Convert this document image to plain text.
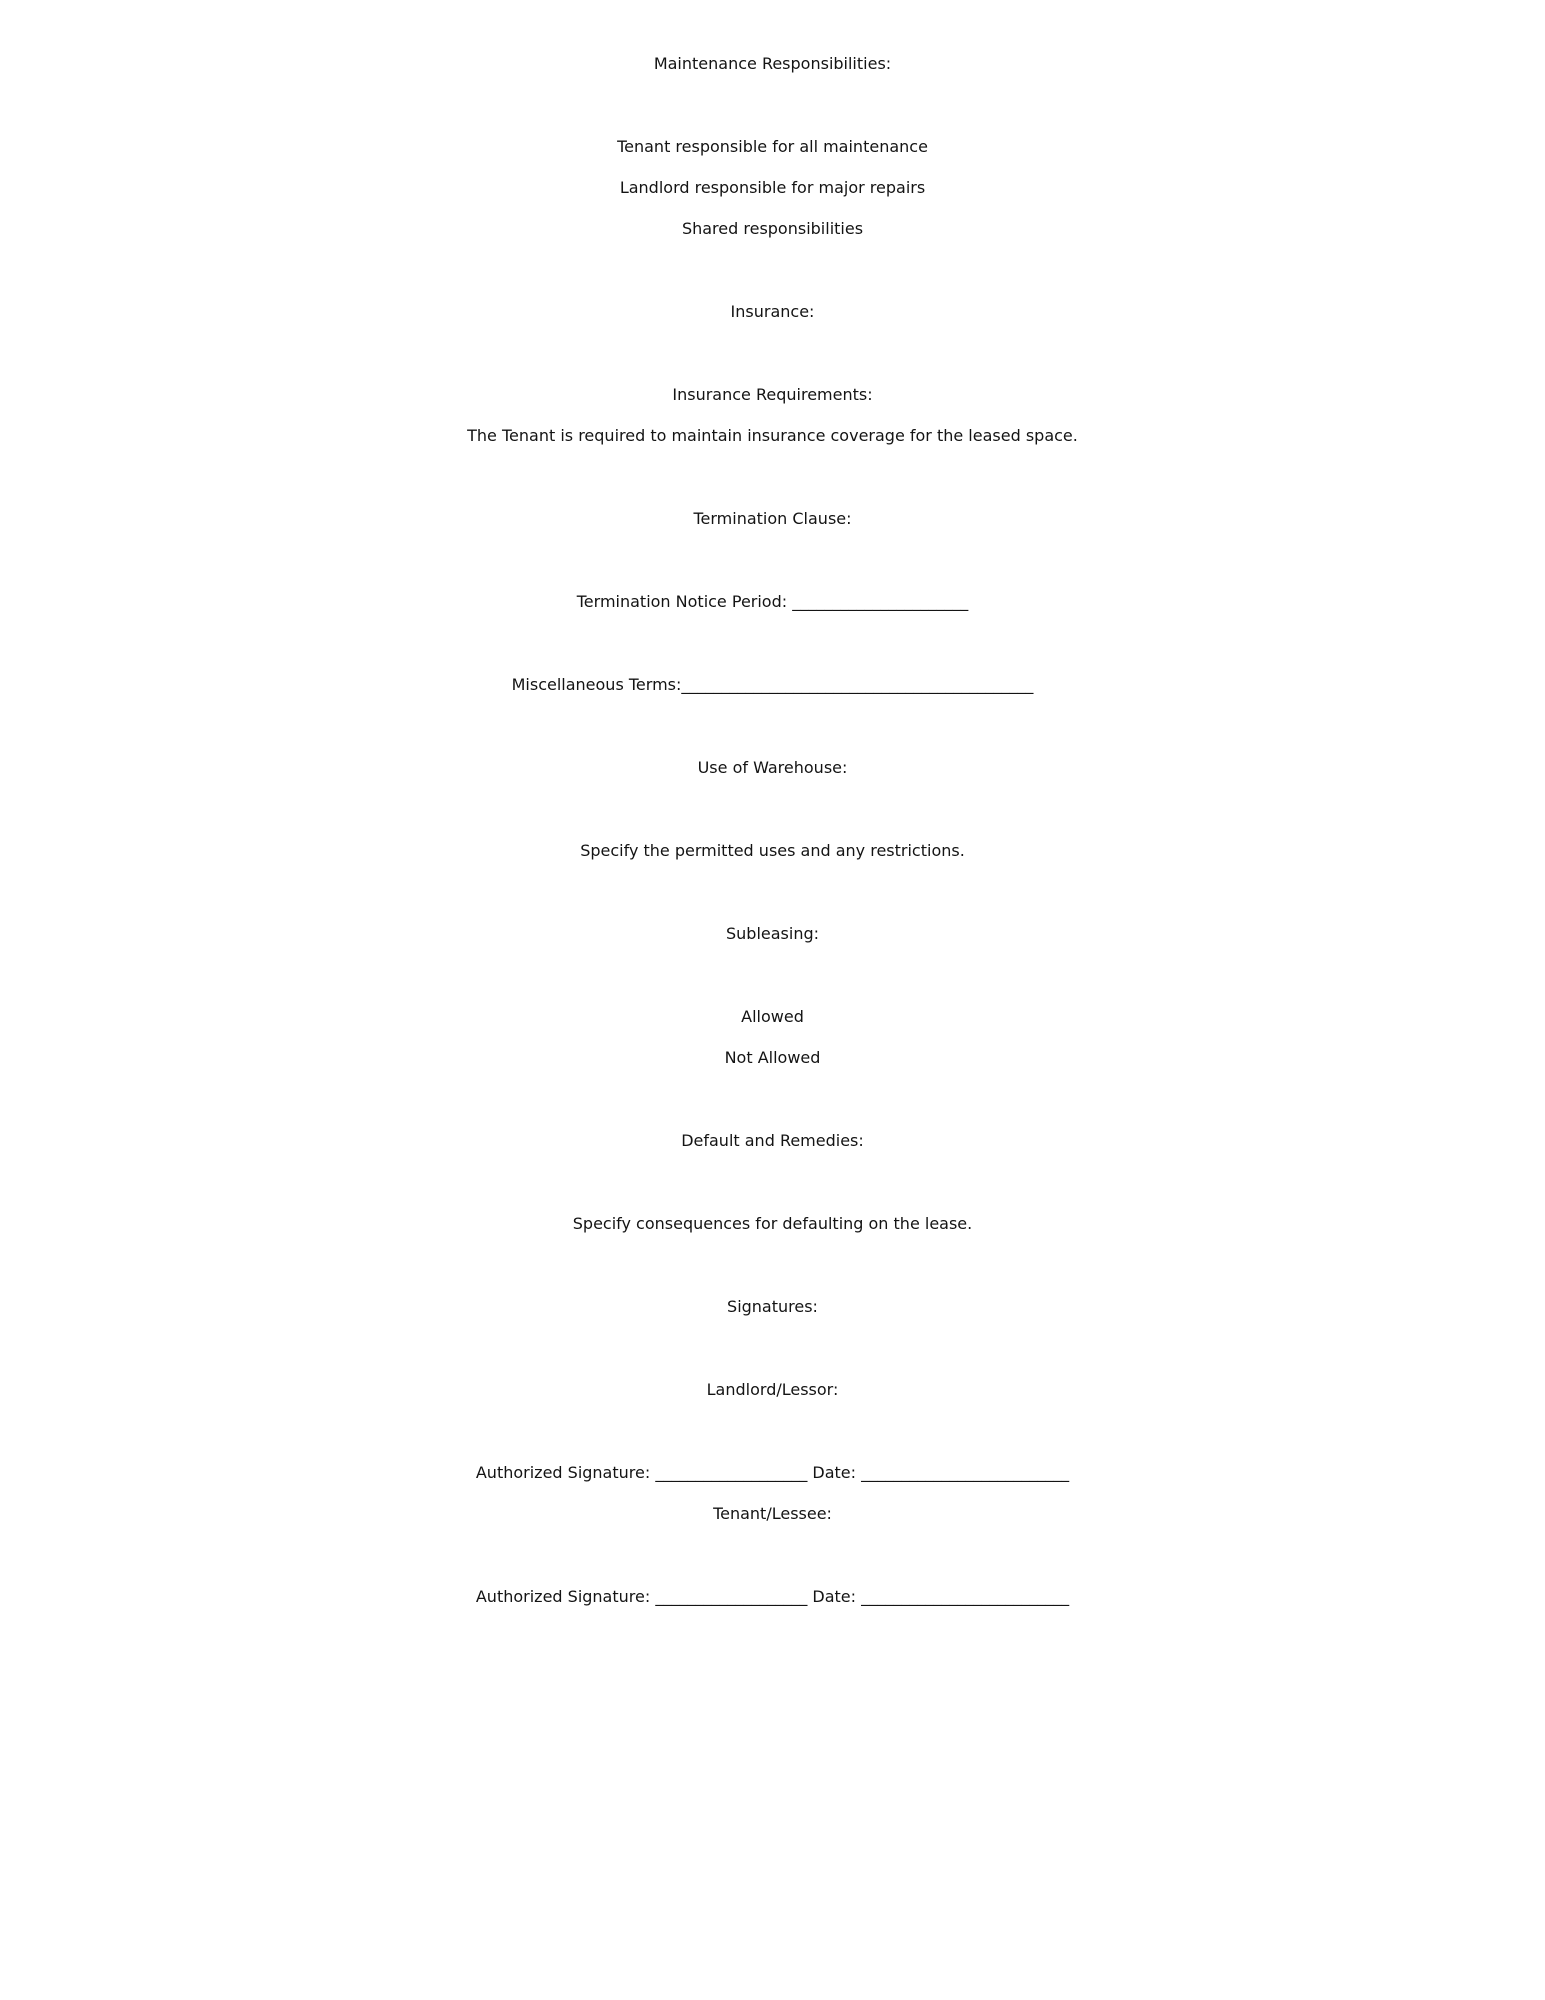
Maintenance Responsibilities:
Tenant responsible for all maintenance
Landlord responsible for major repairs
Shared responsibilities
Insurance:
Insurance Requirements:
The Tenant is required to maintain insurance coverage for the leased space.
Termination Clause:
Termination Notice Period: ______________________
Miscellaneous Terms:____________________________________________
Use of Warehouse:
Specify the permitted uses and any restrictions.
Subleasing:
Allowed
Not Allowed
Default and Remedies:
Specify consequences for defaulting on the lease.
Signatures:
Landlord/Lessor:
Authorized Signature: ___________________ Date: __________________________
Tenant/Lessee:
Authorized Signature: ___________________ Date: __________________________
